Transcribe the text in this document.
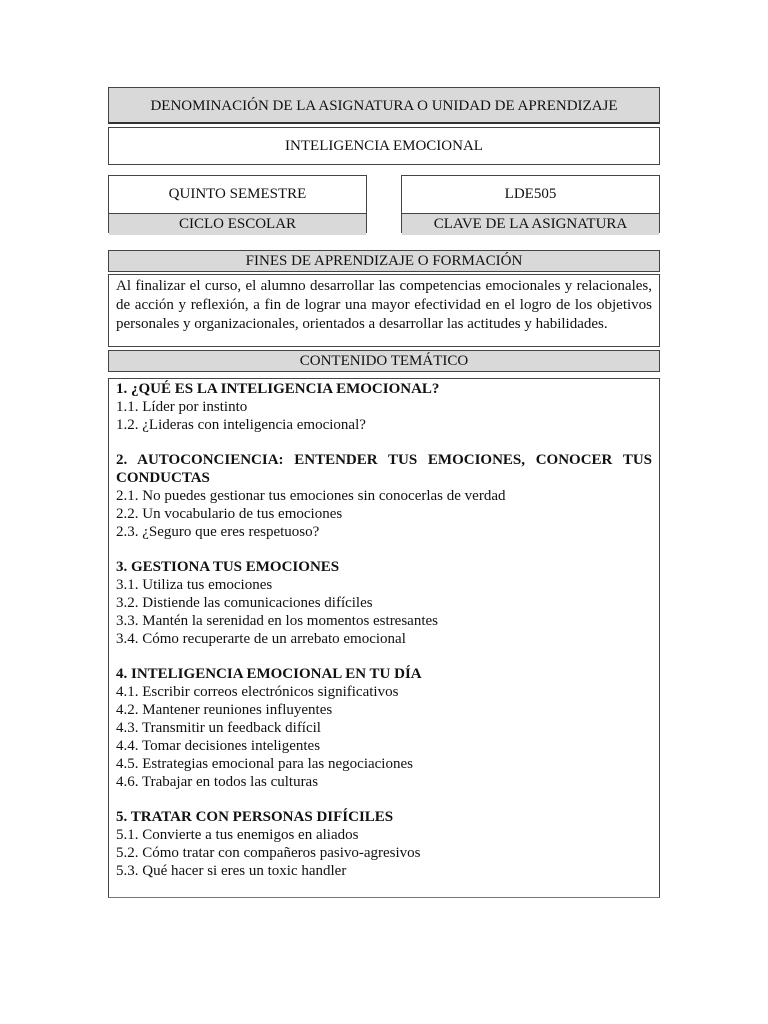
DENOMINACIÓN DE LA ASIGNATURA O UNIDAD DE APRENDIZAJE
INTELIGENCIA EMOCIONAL
QUINTO SEMESTRE
CICLO ESCOLAR
LDE505
CLAVE DE LA ASIGNATURA
FINES DE APRENDIZAJE O FORMACIÓN
Al finalizar el curso, el alumno desarrollar las competencias emocionales y relacionales, de acción y reflexión, a fin de lograr una mayor efectividad en el logro de los objetivos personales y organizacionales, orientados a desarrollar las actitudes y habilidades.
CONTENIDO TEMÁTICO
1. ¿QUÉ ES LA INTELIGENCIA EMOCIONAL?
1.1. Líder por instinto
1.2. ¿Lideras con inteligencia emocional?
2. AUTOCONCIENCIA: ENTENDER TUS EMOCIONES, CONOCER TUS CONDUCTAS
2.1. No puedes gestionar tus emociones sin conocerlas de verdad
2.2. Un vocabulario de tus emociones
2.3. ¿Seguro que eres respetuoso?
3. GESTIONA TUS EMOCIONES
3.1. Utiliza tus emociones
3.2. Distiende las comunicaciones difíciles
3.3. Mantén la serenidad en los momentos estresantes
3.4. Cómo recuperarte de un arrebato emocional
4. INTELIGENCIA EMOCIONAL EN TU DÍA
4.1. Escribir correos electrónicos significativos
4.2. Mantener reuniones influyentes
4.3. Transmitir un feedback difícil
4.4. Tomar decisiones inteligentes
4.5. Estrategias emocional para las negociaciones
4.6. Trabajar en todos las culturas
5. TRATAR CON PERSONAS DIFÍCILES
5.1. Convierte a tus enemigos en aliados
5.2. Cómo tratar con compañeros pasivo-agresivos
5.3. Qué hacer si eres un toxic handler
